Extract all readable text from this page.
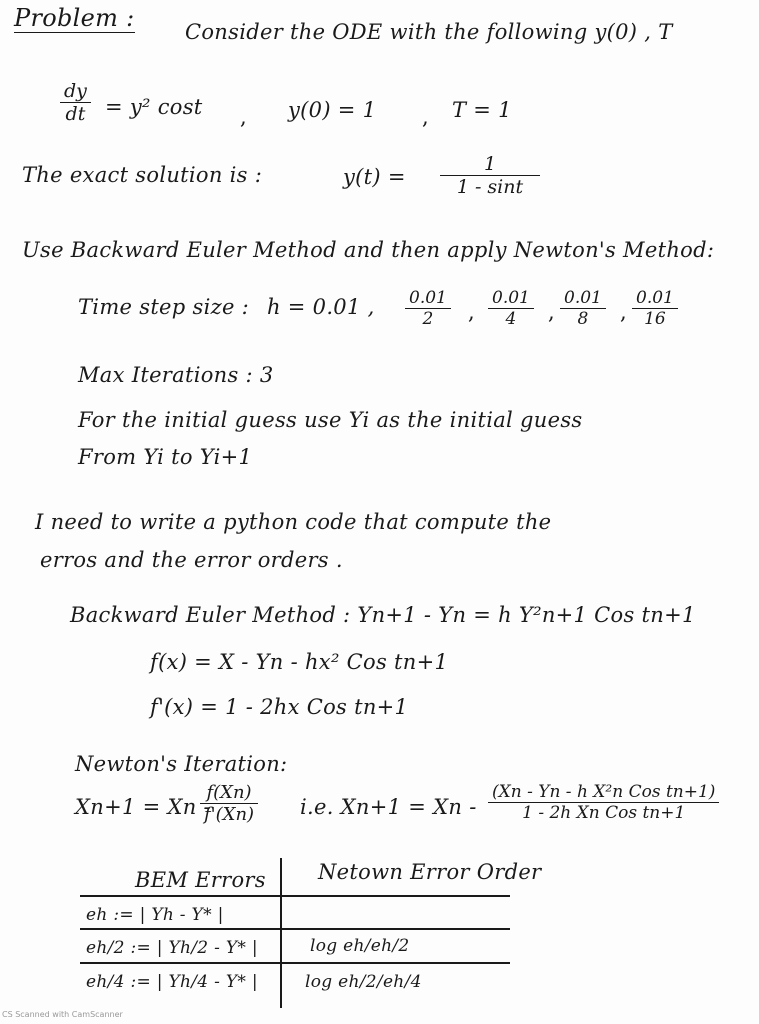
Problem : Consider the ODE with the following y(0) , T
$\frac{dy}{dt} = y^2$ cost , y(0) = 1 , T = 1
The exact solution is :	$y(t) = \frac{1}{1 - \sin t}$
Use Backward Euler Method and then apply Newton's Method:
Time step size : h = 0.01 , $\frac{0.01}{2}$ , $\frac{0.01}{4}$ , $\frac{0.01}{8}$ , $\frac{0.01}{16}$
Max Iterations : 3
For the initial guess use Yi as the initial guess
From Yi to Yi+1
I need to write a python code that compute the
erros and the error orders .
Backward Euler Method : Yn+1 - Yn = h Y²n+1 Cos tn+1
f(x) = X - Yn - hx² Cos tn+1
f'(x) = 1 - 2hx Cos tn+1
Newton's Iteration:
Xn+1 = Xn -
$\frac{f(Xn)}{f'(Xn)} i.e$. Xn+1 = Xn -
(Xn - Yn - h X²n Cos tn+1)
1 - 2h Xn Cos tn+1
BEM Errors Netown Error Order
eh := | Yh - Y* |
eh/2 := | Yh/2 - Y* |	log eh/eh/2
eh/4 := | Yh/4 - Y* |	log eh/2/eh/4
CS Scanned with CamScanner
